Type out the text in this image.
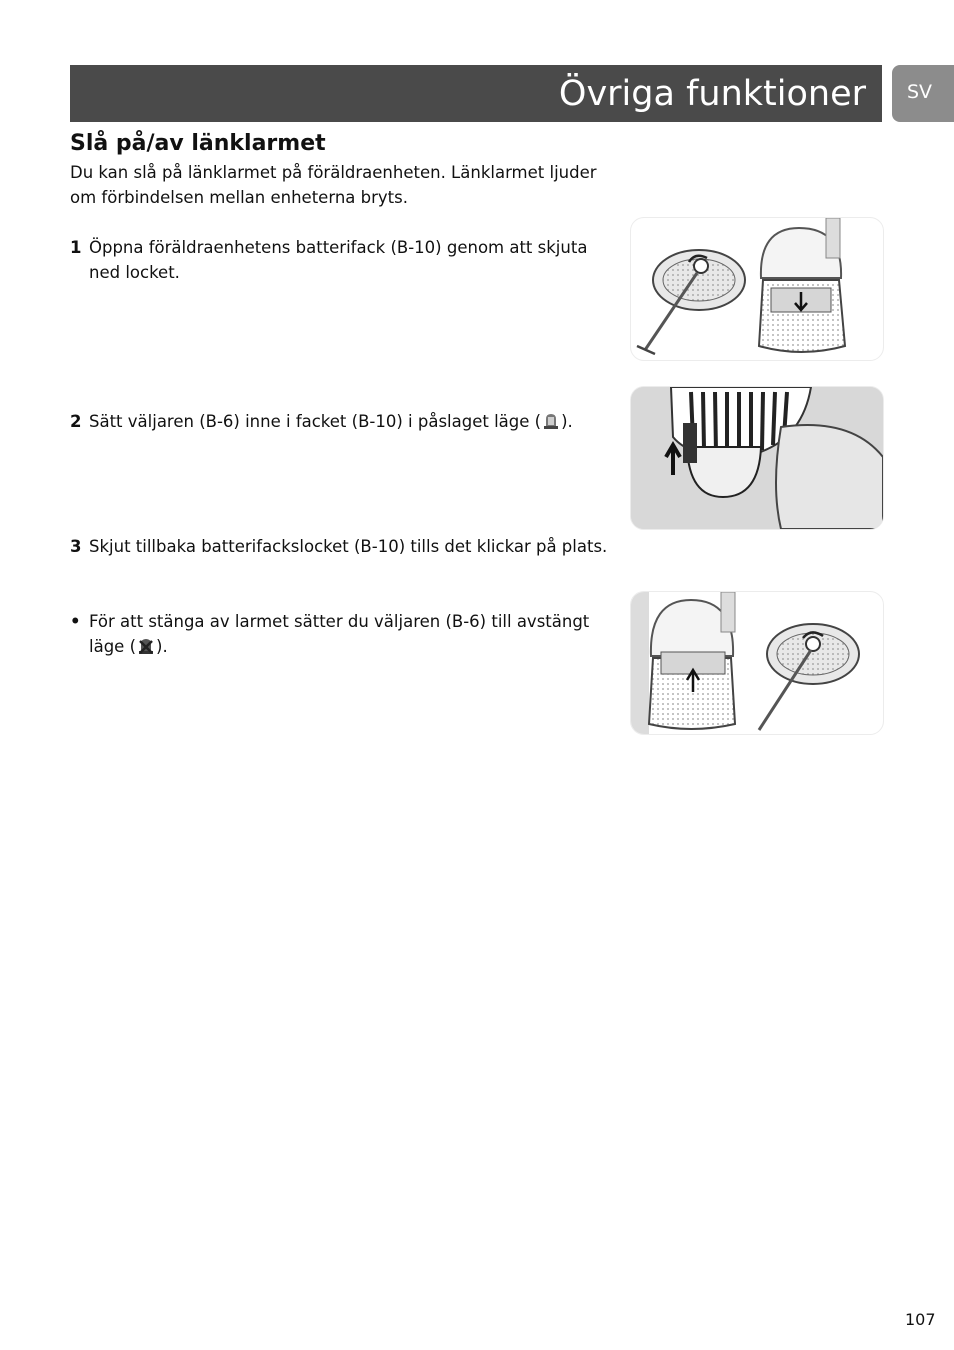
Övriga funktioner SV
Slå på/av länklarmet
Du kan slå på länklarmet på föräldraenheten. Länklarmet ljuder om förbindelsen mellan enheterna bryts.
1 Öppna föräldraenhetens batterifack (B-10) genom att skjuta ned locket.
2 Sätt väljaren (B-6) inne i facket (B-10) i påslaget läge ( ).
3 Skjut tillbaka batterifackslocket (B-10) tills det klickar på plats.
• För att stänga av larmet sätter du väljaren (B-6) till avstängt läge ( ).
107
